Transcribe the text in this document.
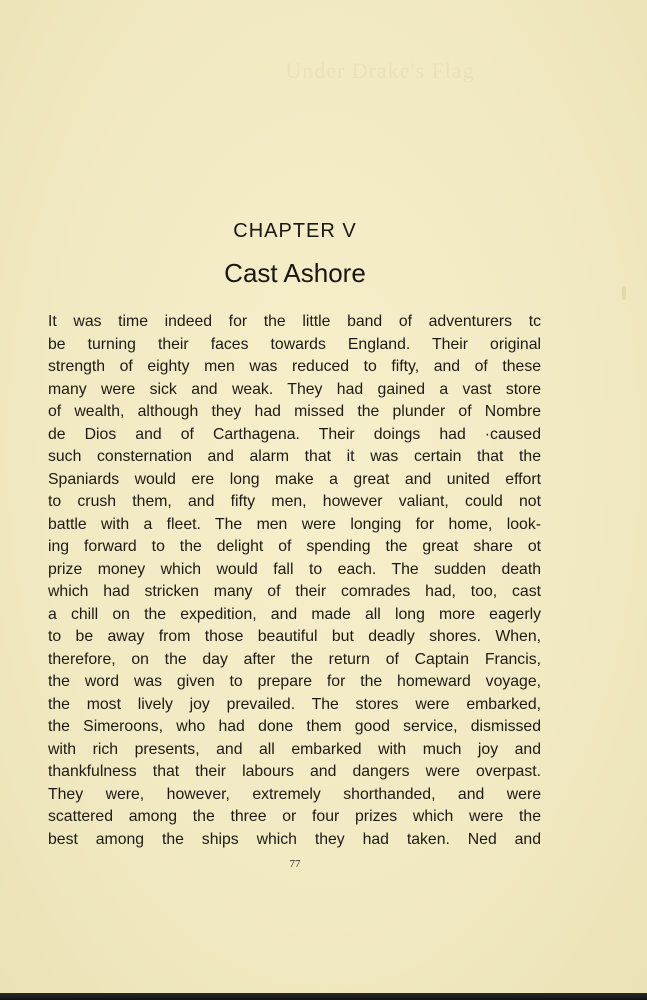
Under Drake's Flag
CHAPTER V
Cast Ashore
It was time indeed for the little band of adventurers tc
be turning their faces towards England. Their original
strength of eighty men was reduced to fifty, and of these
many were sick and weak. They had gained a vast store
of wealth, although they had missed the plunder of Nombre
de Dios and of Carthagena. Their doings had ·caused
such consternation and alarm that it was certain that the
Spaniards would ere long make a great and united effort
to crush them, and fifty men, however valiant, could not
battle with a fleet. The men were longing for home, look-
ing forward to the delight of spending the great share ot
prize money which would fall to each. The sudden death
which had stricken many of their comrades had, too, cast
a chill on the expedition, and made all long more eagerly
to be away from those beautiful but deadly shores. When,
therefore, on the day after the return of Captain Francis,
the word was given to prepare for the homeward voyage,
the most lively joy prevailed. The stores were embarked,
the Simeroons, who had done them good service, dismissed
with rich presents, and all embarked with much joy and
thankfulness that their labours and dangers were overpast.
They were, however, extremely shorthanded, and were
scattered among the three or four prizes which were the
best among the ships which they had taken. Ned and
77
